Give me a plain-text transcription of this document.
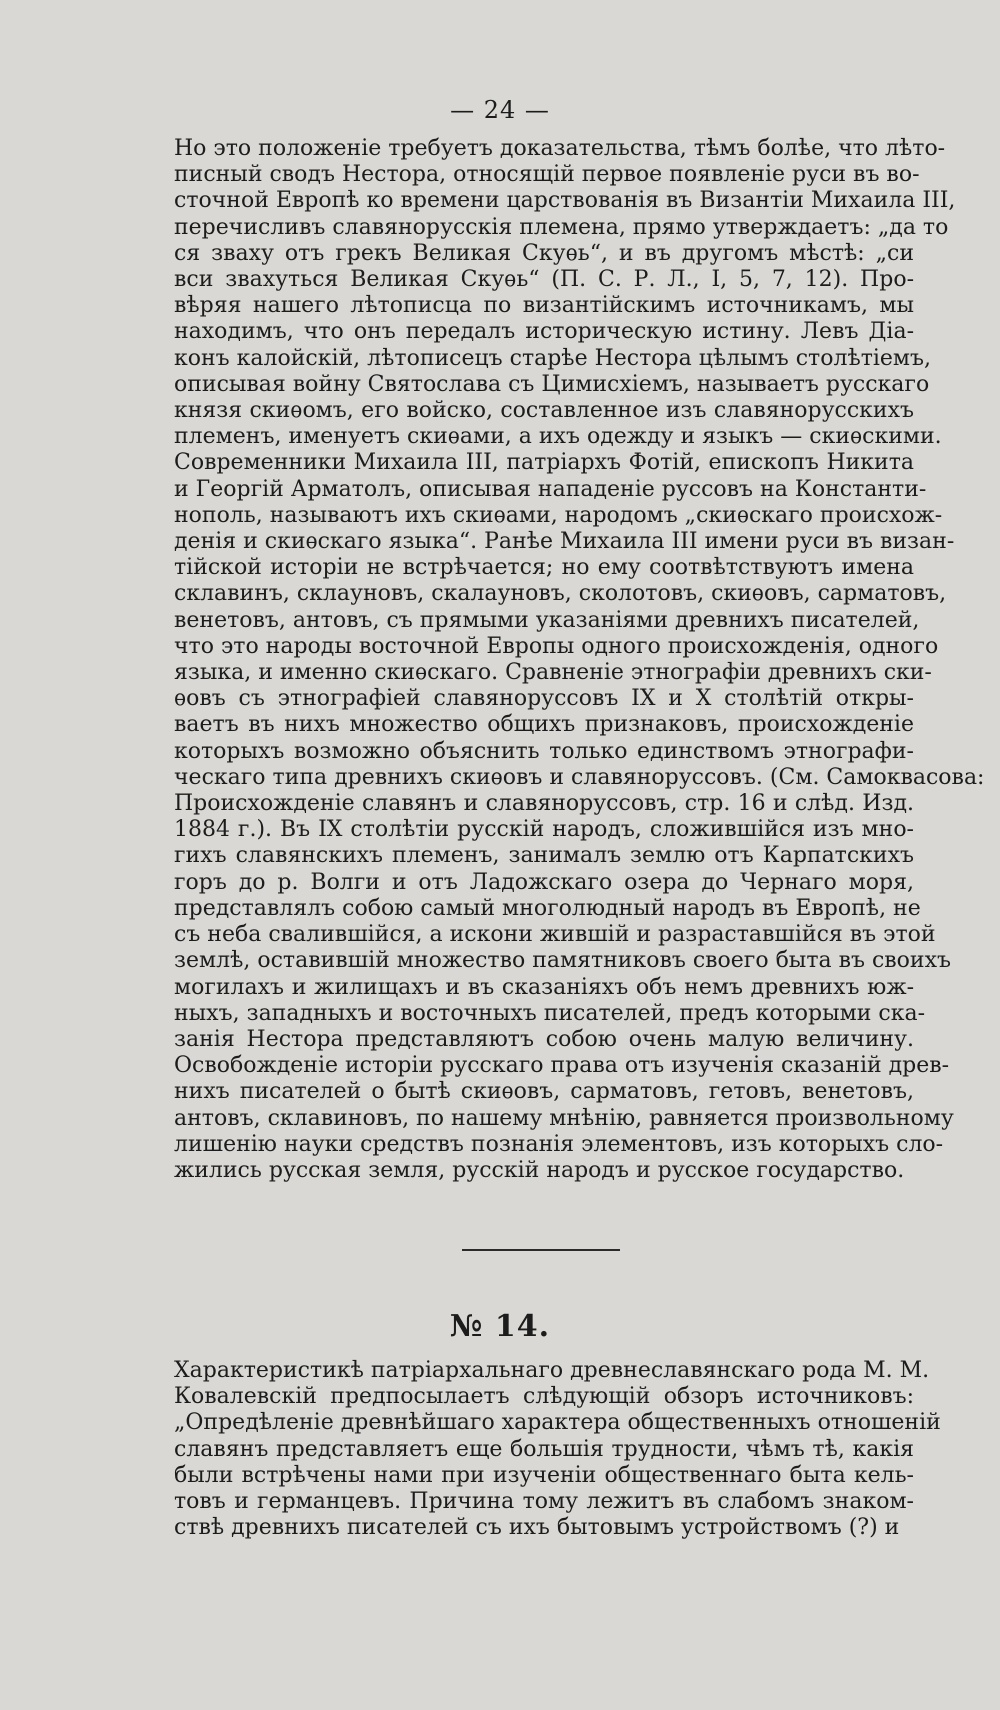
— 24 —
Но это положеніе требуетъ доказательства, тѣмъ болѣе, что лѣто-
писный сводъ Нестора, относящій первое появленіе руси въ во-
сточной Европѣ ко времени царствованія въ Византіи Михаила III,
перечисливъ славянорусскія племена, прямо утверждаетъ: „да то
ся зваху отъ грекъ Великая Скуѳь“, и въ другомъ мѣстѣ: „си
вси звахуться Великая Скуѳь“ (П. С. Р. Л., I, 5, 7, 12). Про-
вѣряя нашего лѣтописца по византійскимъ источникамъ, мы
находимъ, что онъ передалъ историческую истину. Левъ Діа-
конъ калойскій, лѣтописецъ старѣе Нестора цѣлымъ столѣтіемъ,
описывая войну Святослава съ Цимисхіемъ, называетъ русскаго
князя скиѳомъ, его войско, составленное изъ славянорусскихъ
племенъ, именуетъ скиѳами, а ихъ одежду и языкъ — скиѳскими.
Современники Михаила III, патріархъ Фотій, епископъ Никита
и Георгій Арматолъ, описывая нападеніе руссовъ на Константи-
нополь, называютъ ихъ скиѳами, народомъ „скиѳскаго происхож-
денія и скиѳскаго языка“. Ранѣе Михаила III имени руси въ визан-
тійской исторіи не встрѣчается; но ему соотвѣтствуютъ имена
склавинъ, склауновъ, скалауновъ, сколотовъ, скиѳовъ, сарматовъ,
венетовъ, антовъ, съ прямыми указаніями древнихъ писателей,
что это народы восточной Европы одного происхожденія, одного
языка, и именно скиѳскаго. Сравненіе этнографіи древнихъ ски-
ѳовъ съ этнографіей славянорусcовъ IX и X столѣтій откры-
ваетъ въ нихъ множество общихъ признаковъ, происхожденіе
которыхъ возможно объяснить только единствомъ этнографи-
ческаго типа древнихъ скиѳовъ и славянорусcовъ. (См. Самоквасова:
Происхожденіе славянъ и славянорусcовъ, стр. 16 и слѣд. Изд.
1884 г.). Въ IX столѣтіи русскій народъ, сложившійся изъ мно-
гихъ славянскихъ племенъ, занималъ землю отъ Карпатскихъ
горъ до р. Волги и отъ Ладожскаго озера до Чернаго моря,
представлялъ собою самый многолюдный народъ въ Европѣ, не
съ неба свалившійся, а искони жившій и разраставшійся въ этой
землѣ, оставившій множество памятниковъ своего быта въ своихъ
могилахъ и жилищахъ и въ сказаніяхъ объ немъ древнихъ юж-
ныхъ, западныхъ и восточныхъ писателей, предъ которыми ска-
занія Нестора представляютъ собою очень малую величину.
Освобожденіе исторіи русскаго права отъ изученія сказаній древ-
нихъ писателей о бытѣ скиѳовъ, сарматовъ, гетовъ, венетовъ,
антовъ, склавиновъ, по нашему мнѣнію, равняется произвольному
лишенію науки средствъ познанія элементовъ, изъ которыхъ сло-
жились русская земля, русскій народъ и русское государство.
№ 14.
Характеристикѣ патріархальнаго древнеславянскаго рода М. М.
Ковалевскій предпосылаетъ слѣдующій обзоръ источниковъ:
„Опредѣленіе древнѣйшаго характера общественныхъ отношеній
славянъ представляетъ еще большія трудности, чѣмъ тѣ, какія
были встрѣчены нами при изученіи общественнаго быта кель-
товъ и германцевъ. Причина тому лежитъ въ слабомъ знаком-
ствѣ древнихъ писателей съ ихъ бытовымъ устройствомъ (?) и
